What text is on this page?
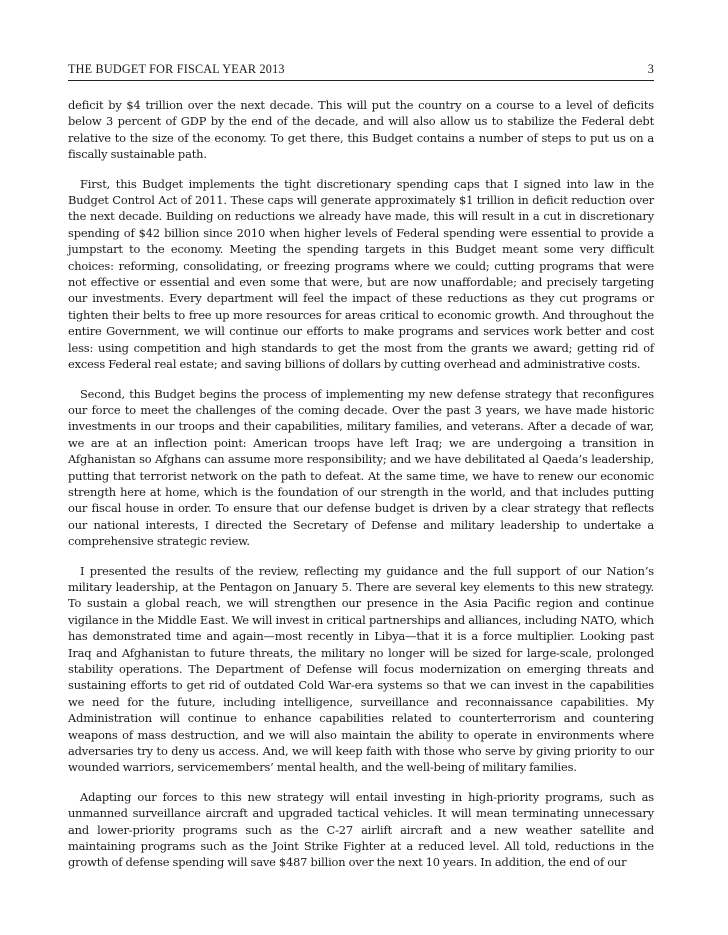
THE BUDGET FOR FISCAL YEAR 2013	3

deficit by $4 trillion over the next decade. This will put the country on a course to a level of deficits below 3 percent of GDP by the end of the decade, and will also allow us to stabilize the Federal debt relative to the size of the economy. To get there, this Budget contains a number of steps to put us on a fiscally sustainable path.

First, this Budget implements the tight discretionary spending caps that I signed into law in the Budget Control Act of 2011. These caps will generate approximately $1 trillion in deficit reduction over the next decade. Building on reductions we already have made, this will result in a cut in discretionary spending of $42 billion since 2010 when higher levels of Federal spending were essential to provide a jumpstart to the economy. Meeting the spending targets in this Budget meant some very difficult choices: reforming, consolidating, or freezing programs where we could; cutting programs that were not effective or essential and even some that were, but are now unaffordable; and precisely targeting our investments. Every department will feel the impact of these reductions as they cut programs or tighten their belts to free up more resources for areas critical to economic growth. And throughout the entire Government, we will continue our efforts to make programs and services work better and cost less: using competition and high standards to get the most from the grants we award; getting rid of excess Federal real estate; and saving billions of dollars by cutting overhead and administrative costs.

Second, this Budget begins the process of implementing my new defense strategy that reconfigures our force to meet the challenges of the coming decade. Over the past 3 years, we have made historic investments in our troops and their capabilities, military families, and veterans. After a decade of war, we are at an inflection point: American troops have left Iraq; we are undergoing a transition in Afghanistan so Afghans can assume more responsibility; and we have debilitated al Qaeda’s leadership, putting that terrorist network on the path to defeat. At the same time, we have to renew our economic strength here at home, which is the foundation of our strength in the world, and that includes putting our fiscal house in order. To ensure that our defense budget is driven by a clear strategy that reflects our national interests, I directed the Secretary of Defense and military leadership to undertake a comprehensive strategic review.

I presented the results of the review, reflecting my guidance and the full support of our Nation’s military leadership, at the Pentagon on January 5. There are several key elements to this new strategy. To sustain a global reach, we will strengthen our presence in the Asia Pacific region and continue vigilance in the Middle East. We will invest in critical partnerships and alliances, including NATO, which has demonstrated time and again—most recently in Libya—that it is a force multiplier. Looking past Iraq and Afghanistan to future threats, the military no longer will be sized for large-scale, prolonged stability operations. The Department of Defense will focus modernization on emerging threats and sustaining efforts to get rid of outdated Cold War-era systems so that we can invest in the capabilities we need for the future, including intelligence, surveillance and reconnaissance capabilities. My Administration will continue to enhance capabilities related to counterterrorism and countering weapons of mass destruction, and we will also maintain the ability to operate in environments where adversaries try to deny us access. And, we will keep faith with those who serve by giving priority to our wounded warriors, servicemembers’ mental health, and the well-being of military families.

Adapting our forces to this new strategy will entail investing in high-priority programs, such as unmanned surveillance aircraft and upgraded tactical vehicles. It will mean terminating unnecessary and lower-priority programs such as the C-27 airlift aircraft and a new weather satellite and maintaining programs such as the Joint Strike Fighter at a reduced level. All told, reductions in the growth of defense spending will save $487 billion over the next 10 years. In addition, the end of our
